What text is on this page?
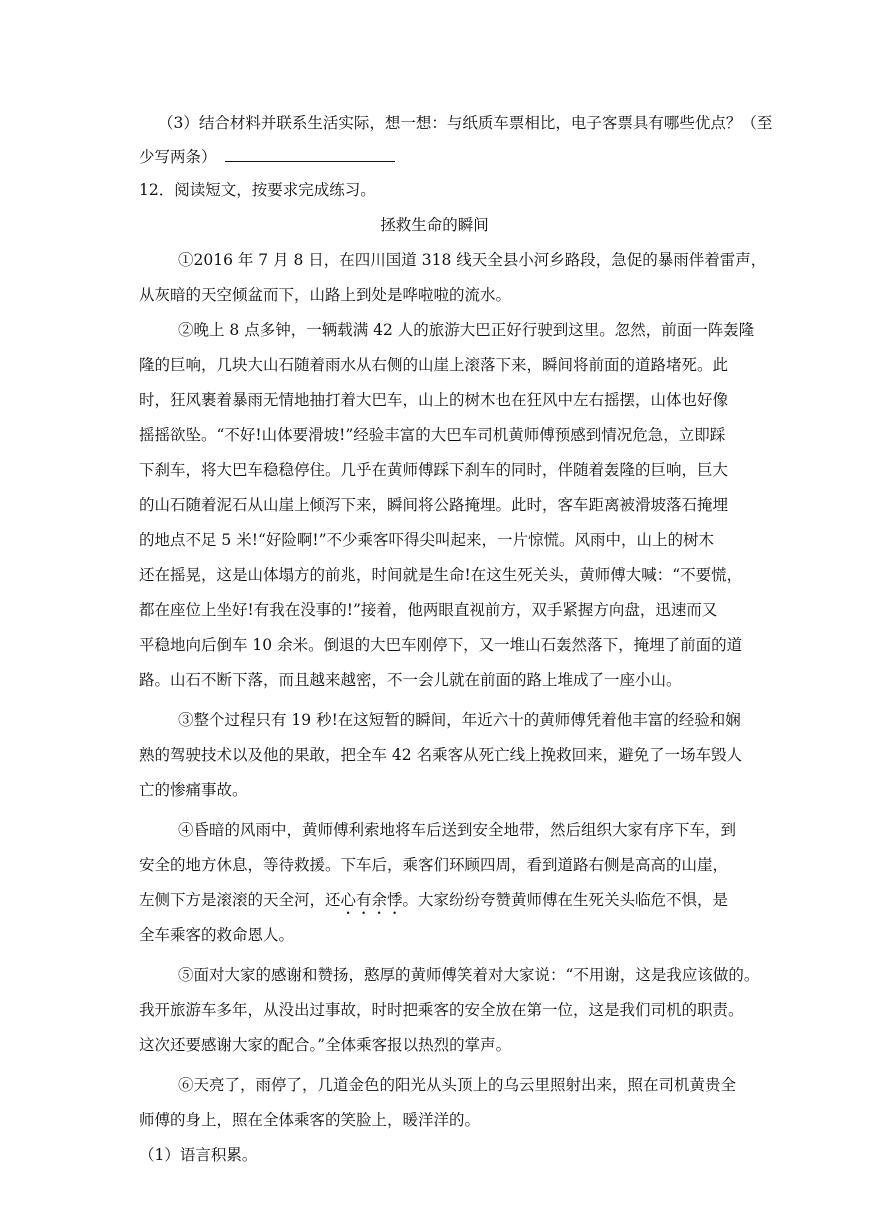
（3）结合材料并联系生活实际，想一想：与纸质车票相比，电子客票具有哪些优点？（至
少写两条）
12．阅读短文，按要求完成练习。
拯救生命的瞬间
①2016 年 7 月 8 日，在四川国道 318 线天全县小河乡路段，急促的暴雨伴着雷声，
从灰暗的天空倾盆而下，山路上到处是哗啦啦的流水。
②晚上 8 点多钟，一辆载满 42 人的旅游大巴正好行驶到这里。忽然，前面一阵轰隆
隆的巨响，几块大山石随着雨水从右侧的山崖上滚落下来，瞬间将前面的道路堵死。此
时，狂风裹着暴雨无情地抽打着大巴车，山上的树木也在狂风中左右摇摆，山体也好像
摇摇欲坠。“不好!山体要滑坡!”经验丰富的大巴车司机黄师傅预感到情况危急，立即踩
下刹车，将大巴车稳稳停住。几乎在黄师傅踩下刹车的同时，伴随着轰隆的巨响，巨大
的山石随着泥石从山崖上倾泻下来，瞬间将公路掩埋。此时，客车距离被滑坡落石掩埋
的地点不足 5 米!“好险啊!”不少乘客吓得尖叫起来，一片惊慌。风雨中，山上的树木
还在摇晃，这是山体塌方的前兆，时间就是生命!在这生死关头，黄师傅大喊：“不要慌，
都在座位上坐好!有我在没事的!”接着，他两眼直视前方，双手紧握方向盘，迅速而又
平稳地向后倒车 10 余米。倒退的大巴车刚停下，又一堆山石轰然落下，掩埋了前面的道
路。山石不断下落，而且越来越密，不一会儿就在前面的路上堆成了一座小山。
③整个过程只有 19 秒!在这短暂的瞬间，年近六十的黄师傅凭着他丰富的经验和娴
熟的驾驶技术以及他的果敢，把全车 42 名乘客从死亡线上挽救回来，避免了一场车毁人
亡的惨痛事故。
④昏暗的风雨中，黄师傅利索地将车后送到安全地带，然后组织大家有序下车，到
安全的地方休息，等待救援。下车后，乘客们环顾四周，看到道路右侧是高高的山崖，
左侧下方是滚滚的天全河，还心有余悸。大家纷纷夸赞黄师傅在生死关头临危不惧，是
全车乘客的救命恩人。
⑤面对大家的感谢和赞扬，憨厚的黄师傅笑着对大家说：“不用谢，这是我应该做的。
我开旅游车多年，从没出过事故，时时把乘客的安全放在第一位，这是我们司机的职责。
这次还要感谢大家的配合。”全体乘客报以热烈的掌声。
⑥天亮了，雨停了，几道金色的阳光从头顶上的乌云里照射出来，照在司机黄贵全
师傅的身上，照在全体乘客的笑脸上，暖洋洋的。
（1）语言积累。
